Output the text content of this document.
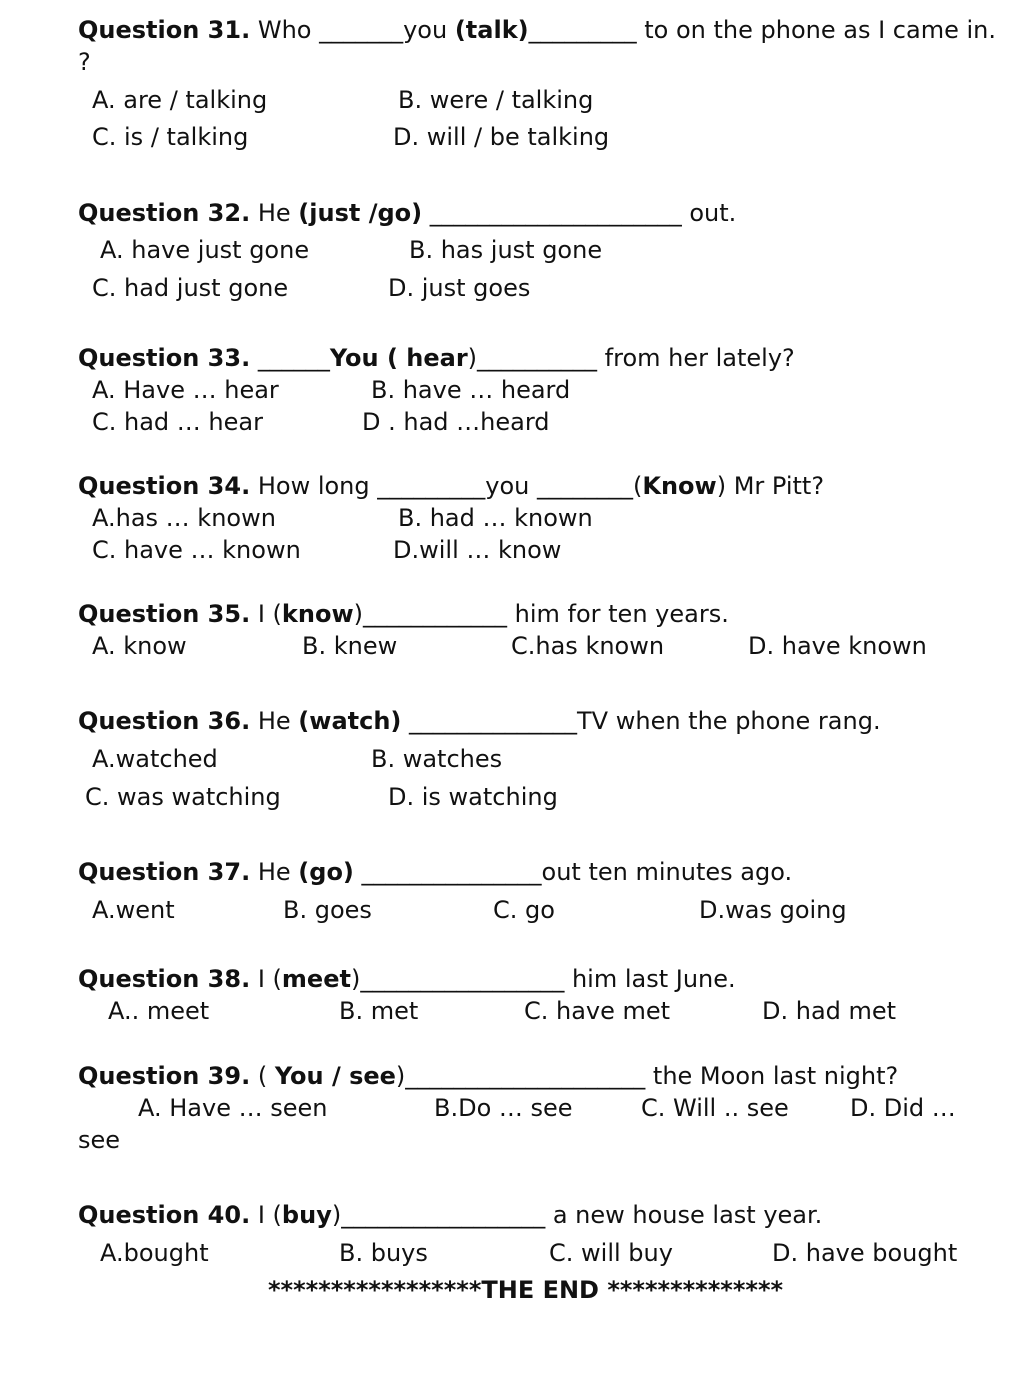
Question 31. Who _______you (talk)_________ to on the phone as I came in.
?
A. are / talking	B. were / talking
C. is / talking	D. will / be talking
Question 32. He (just /go) _____________________ out.
A. have just gone	B. has just gone
C. had just gone	D. just goes
Question 33. ______You ( hear)__________ from her lately?
A. Have … hear	B. have … heard
C. had … hear	D . had …heard
Question 34. How long _________you ________(Know) Mr Pitt?
A.has … known	B. had … known
C. have … known	D.will … know
Question 35. I (know)____________ him for ten years.
A. know	B. knew	C.has known	D. have known
Question 36. He (watch) ______________TV when the phone rang.
A.watched	B. watches
C. was watching	D. is watching
Question 37. He (go) _______________out ten minutes ago.
A.went	B. goes	C. go	D.was going
Question 38. I (meet)_________________ him last June.
A.. meet	B. met	C. have met	D. had met
Question 39. ( You / see)____________________ the Moon last night?
A. Have … seen	B.Do … see	C. Will .. see	D. Did …
see
Question 40. I (buy)_________________ a new house last year.
A.bought	B. buys	C. will buy	D. have bought
*****************THE END **************
